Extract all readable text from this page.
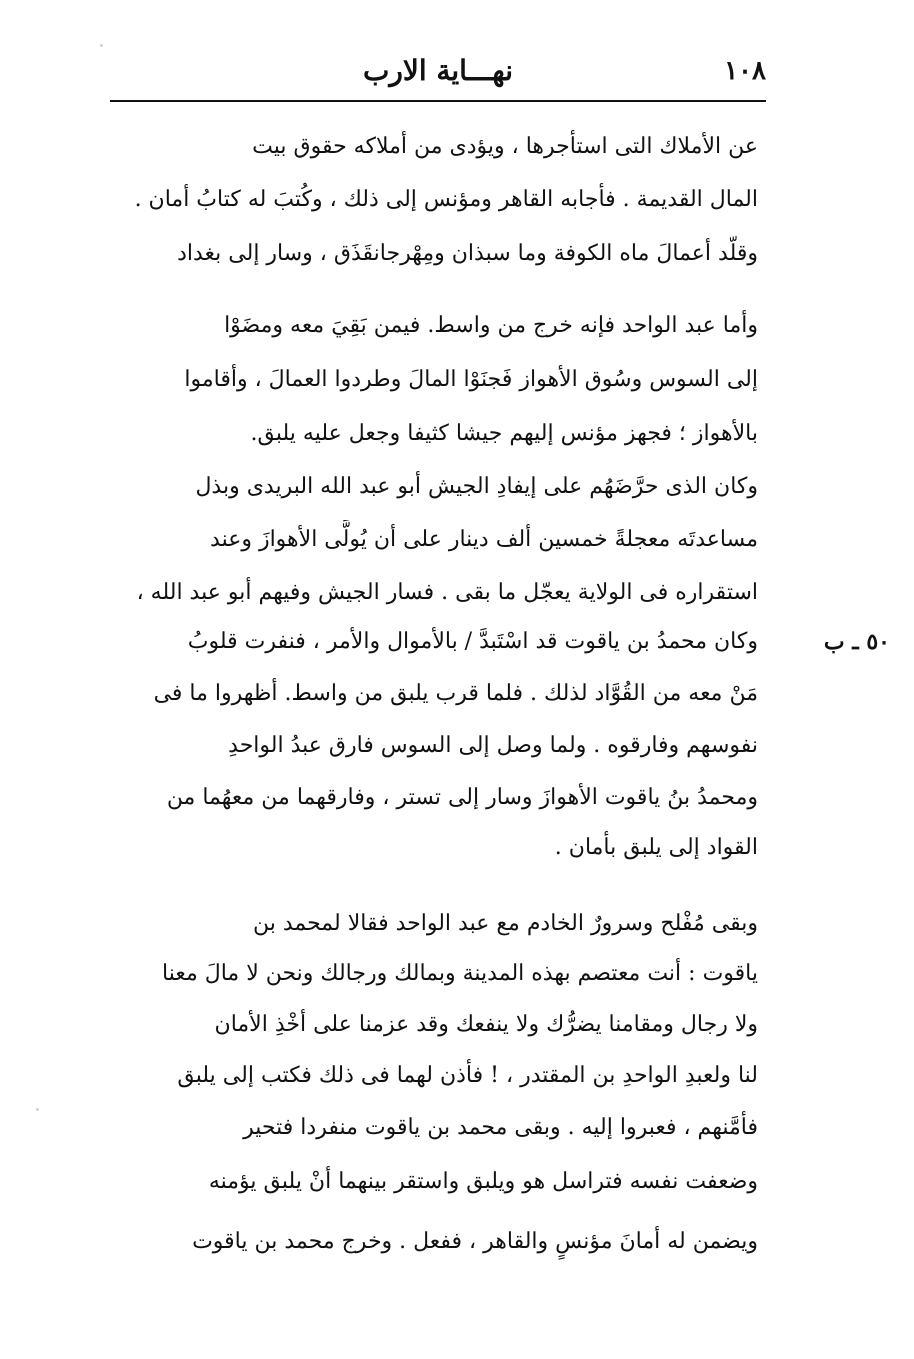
١٠٨
نهـــاية الارب
٥٠ ـ ب
عن الأملاك التى استأجرها ، ويؤدى من أملاكه حقوق بيت
المال القديمة . فأجابه القاهر ومؤنس إلى ذلك ، وكُتبَ له كتابُ أمان .
وقلّد أعمالَ ماه الكوفة وما سبذان ومِهْرجانقَذَق ، وسار إلى بغداد
وأما عبد الواحد فإنه خرج من واسط. فيمن بَقِيَ معه ومضَوْا
إلى السوس وسُوق الأهواز فَجنَوْا المالَ وطردوا العمالَ ، وأقاموا
بالأهواز ؛ فجهز مؤنس إليهم جيشا كثيفا وجعل عليه يلبق.
وكان الذى حرَّضَهُم على إيفادِ الجيش أبو عبد الله البريدى وبذل
مساعدتَه معجلةً خمسين ألف دينار على أن يُولَّى الأهوازَ وعند
استقراره فى الولاية يعجّل ما بقى . فسار الجيش وفيهم أبو عبد الله ،
وكان محمدُ بن ياقوت قد اسْتَبدَّ / بالأموال والأمر ، فنفرت قلوبُ
مَنْ معه من القُوَّاد لذلك . فلما قرب يلبق من واسط. أظهروا ما فى
نفوسهم وفارقوه . ولما وصل إلى السوس فارق عبدُ الواحدِ
ومحمدُ بنُ ياقوت الأهوازَ وسار إلى تستر ، وفارقهما من معهُما من
القواد إلى يلبق بأمان .
وبقى مُفْلح وسرورٌ الخادم مع عبد الواحد فقالا لمحمد بن
ياقوت : أنت معتصم بهذه المدينة وبمالك ورجالك ونحن لا مالَ معنا
ولا رجال ومقامنا يضرُّك ولا ينفعك وقد عزمنا على أخْذِ الأمان
لنا ولعبدِ الواحدِ بن المقتدر ، ! فأذن لهما فى ذلك فكتب إلى يلبق
فأمَّنهم ، فعبروا إليه . وبقى محمد بن ياقوت منفردا فتحير
وضعفت نفسه فتراسل هو ويلبق واستقر بينهما أنْ يلبق يؤمنه
ويضمن له أمانَ مؤنسٍ والقاهر ، ففعل . وخرج محمد بن ياقوت
